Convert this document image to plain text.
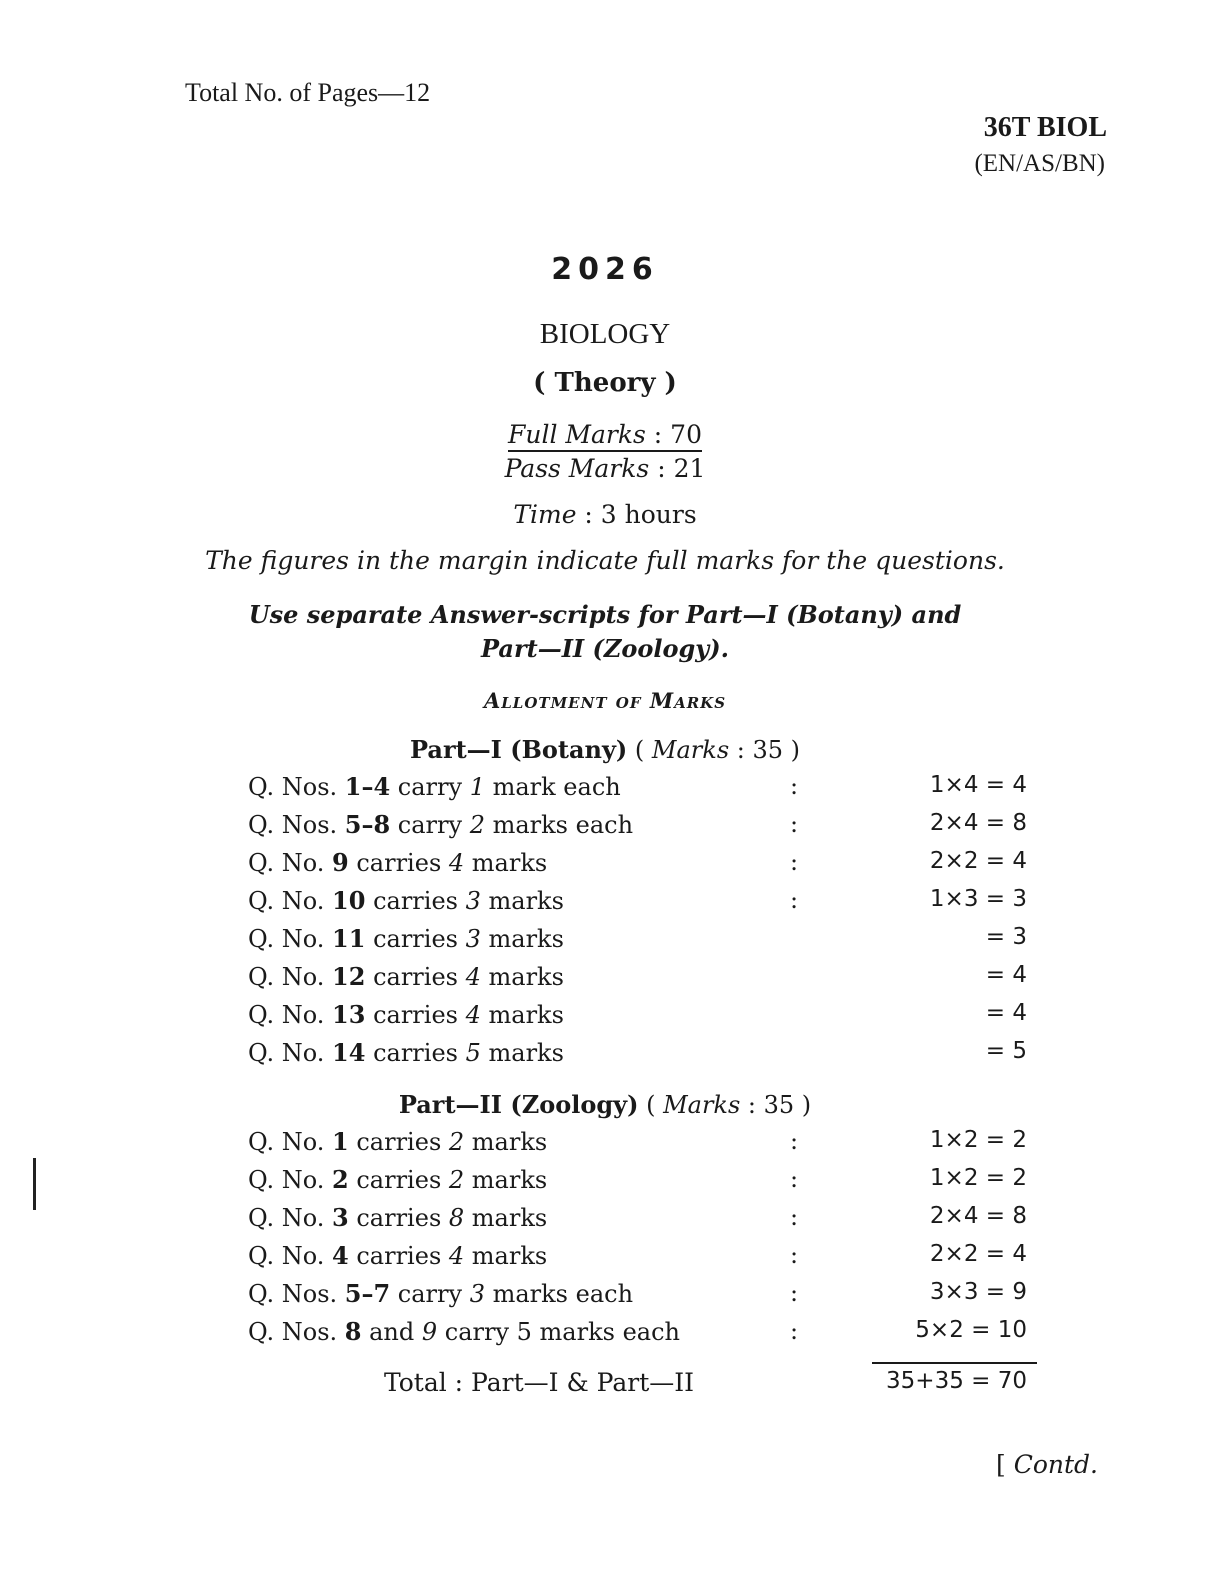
Total No. of Pages—12
36T BIOL
(EN/AS/BN)
2026
BIOLOGY
( Theory )
Full Marks : 70
Pass Marks : 21
Time : 3 hours
The figures in the margin indicate full marks for the questions.
Use separate Answer-scripts for Part—I (Botany) and
Part—II (Zoology).
Allotment of Marks
Part—I (Botany) ( Marks : 35 )
Q. Nos. 1–4 carry 1 mark each	:	1×4 = 4
Q. Nos. 5–8 carry 2 marks each	:	2×4 = 8
Q. No. 9 carries 4 marks	:	2×2 = 4
Q. No. 10 carries 3 marks	:	1×3 = 3
Q. No. 11 carries 3 marks	= 3
Q. No. 12 carries 4 marks	= 4
Q. No. 13 carries 4 marks	= 4
Q. No. 14 carries 5 marks	= 5
Part—II (Zoology) ( Marks : 35 )
Q. No. 1 carries 2 marks	:	1×2 = 2
Q. No. 2 carries 2 marks	:	1×2 = 2
Q. No. 3 carries 8 marks	:	2×4 = 8
Q. No. 4 carries 4 marks	:	2×2 = 4
Q. Nos. 5–7 carry 3 marks each	:	3×3 = 9
Q. Nos. 8 and 9 carry 5 marks each	:	5×2 = 10
Total : Part—I & Part—II	35+35 = 70
[ Contd.
